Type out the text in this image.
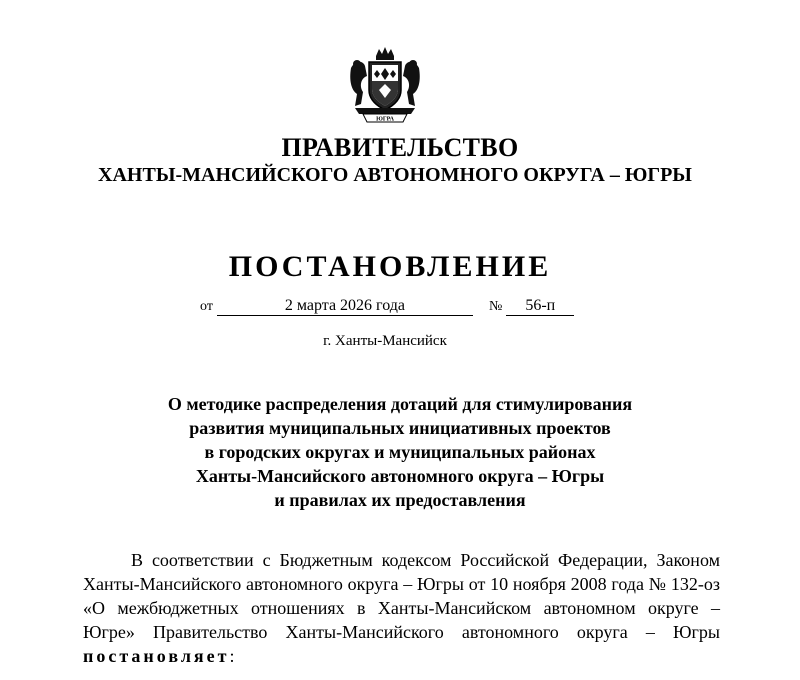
ЮГРА
ПРАВИТЕЛЬСТВО
ХАНТЫ-МАНСИЙСКОГО АВТОНОМНОГО ОКРУГА – ЮГРЫ
ПОСТАНОВЛЕНИЕ
от	2 марта 2026 года	№ 56-п
г. Ханты-Мансийск
О методике распределения дотаций для стимулирования
развития муниципальных инициативных проектов
в городских округах и муниципальных районах
Ханты-Мансийского автономного округа – Югры
и правилах их предоставления
В соответствии с Бюджетным кодексом Российской Федерации, Законом Ханты-Мансийского автономного округа – Югры от 10 ноября 2008 года № 132-оз «О межбюджетных отношениях в Ханты-Мансийском автономном округе – Югре» Правительство Ханты-Мансийского автономного округа – Югры постановляет:
